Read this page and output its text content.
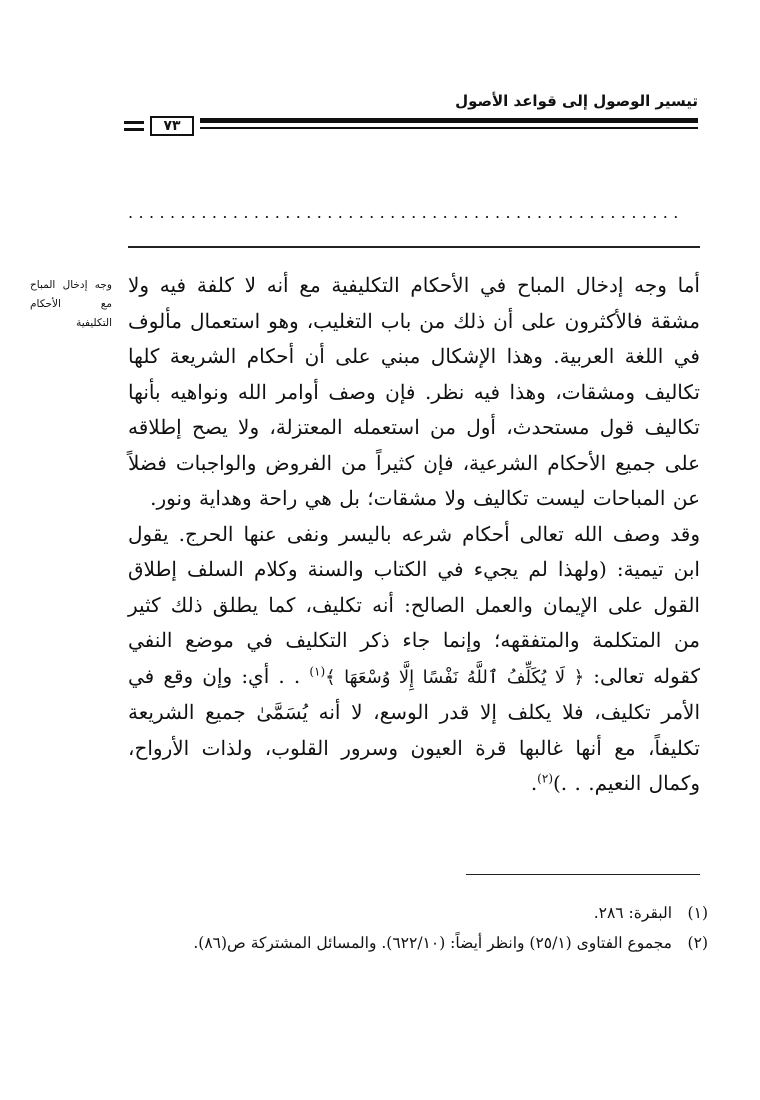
تيسير الوصول إلى قواعد الأصول
٧٣
.....................................................
وجه إدخال المباح مع الأحكام التكليفية

أما وجه إدخال المباح في الأحكام التكليفية مع أنه لا كلفة فيه ولا مشقة فالأكثرون على أن ذلك من باب التغليب، وهو استعمال مألوف في اللغة العربية. وهذا الإشكال مبني على أن أحكام الشريعة كلها تكاليف ومشقات، وهذا فيه نظر. فإن وصف أوامر الله ونواهيه بأنها تكاليف قول مستحدث، أول من استعمله المعتزلة، ولا يصح إطلاقه على جميع الأحكام الشرعية، فإن كثيراً من الفروض والواجبات فضلاً عن المباحات ليست تكاليف ولا مشقات؛ بل هي راحة وهداية ونور.

وقد وصف الله تعالى أحكام شرعه باليسر ونفى عنها الحرج. يقول ابن تيمية: (ولهذا لم يجيء في الكتاب والسنة وكلام السلف إطلاق القول على الإيمان والعمل الصالح: أنه تكليف، كما يطلق ذلك كثير من المتكلمة والمتفقهه؛ وإنما جاء ذكر التكليف في موضع النفي كقوله تعالى: ﴿ لَا يُكَلِّفُ ٱللَّهُ نَفْسًا إِلَّا وُسْعَهَا ﴾$^{(١)}$ . . أي: وإن وقع في الأمر تكليف، فلا يكلف إلا قدر الوسع، لا أنه يُسَمَّىٰ جميع الشريعة تكليفاً، مع أنها غالبها قرة العيون وسرور القلوب، ولذات الأرواح، وكمال النعيم. . .)$^{(٢)}$.

(١)
البقرة: ٢٨٦.
(٢)
مجموع الفتاوى (٢٥/١) وانظر أيضاً: (٦٢٢/١٠). والمسائل المشتركة ص(٨٦).
